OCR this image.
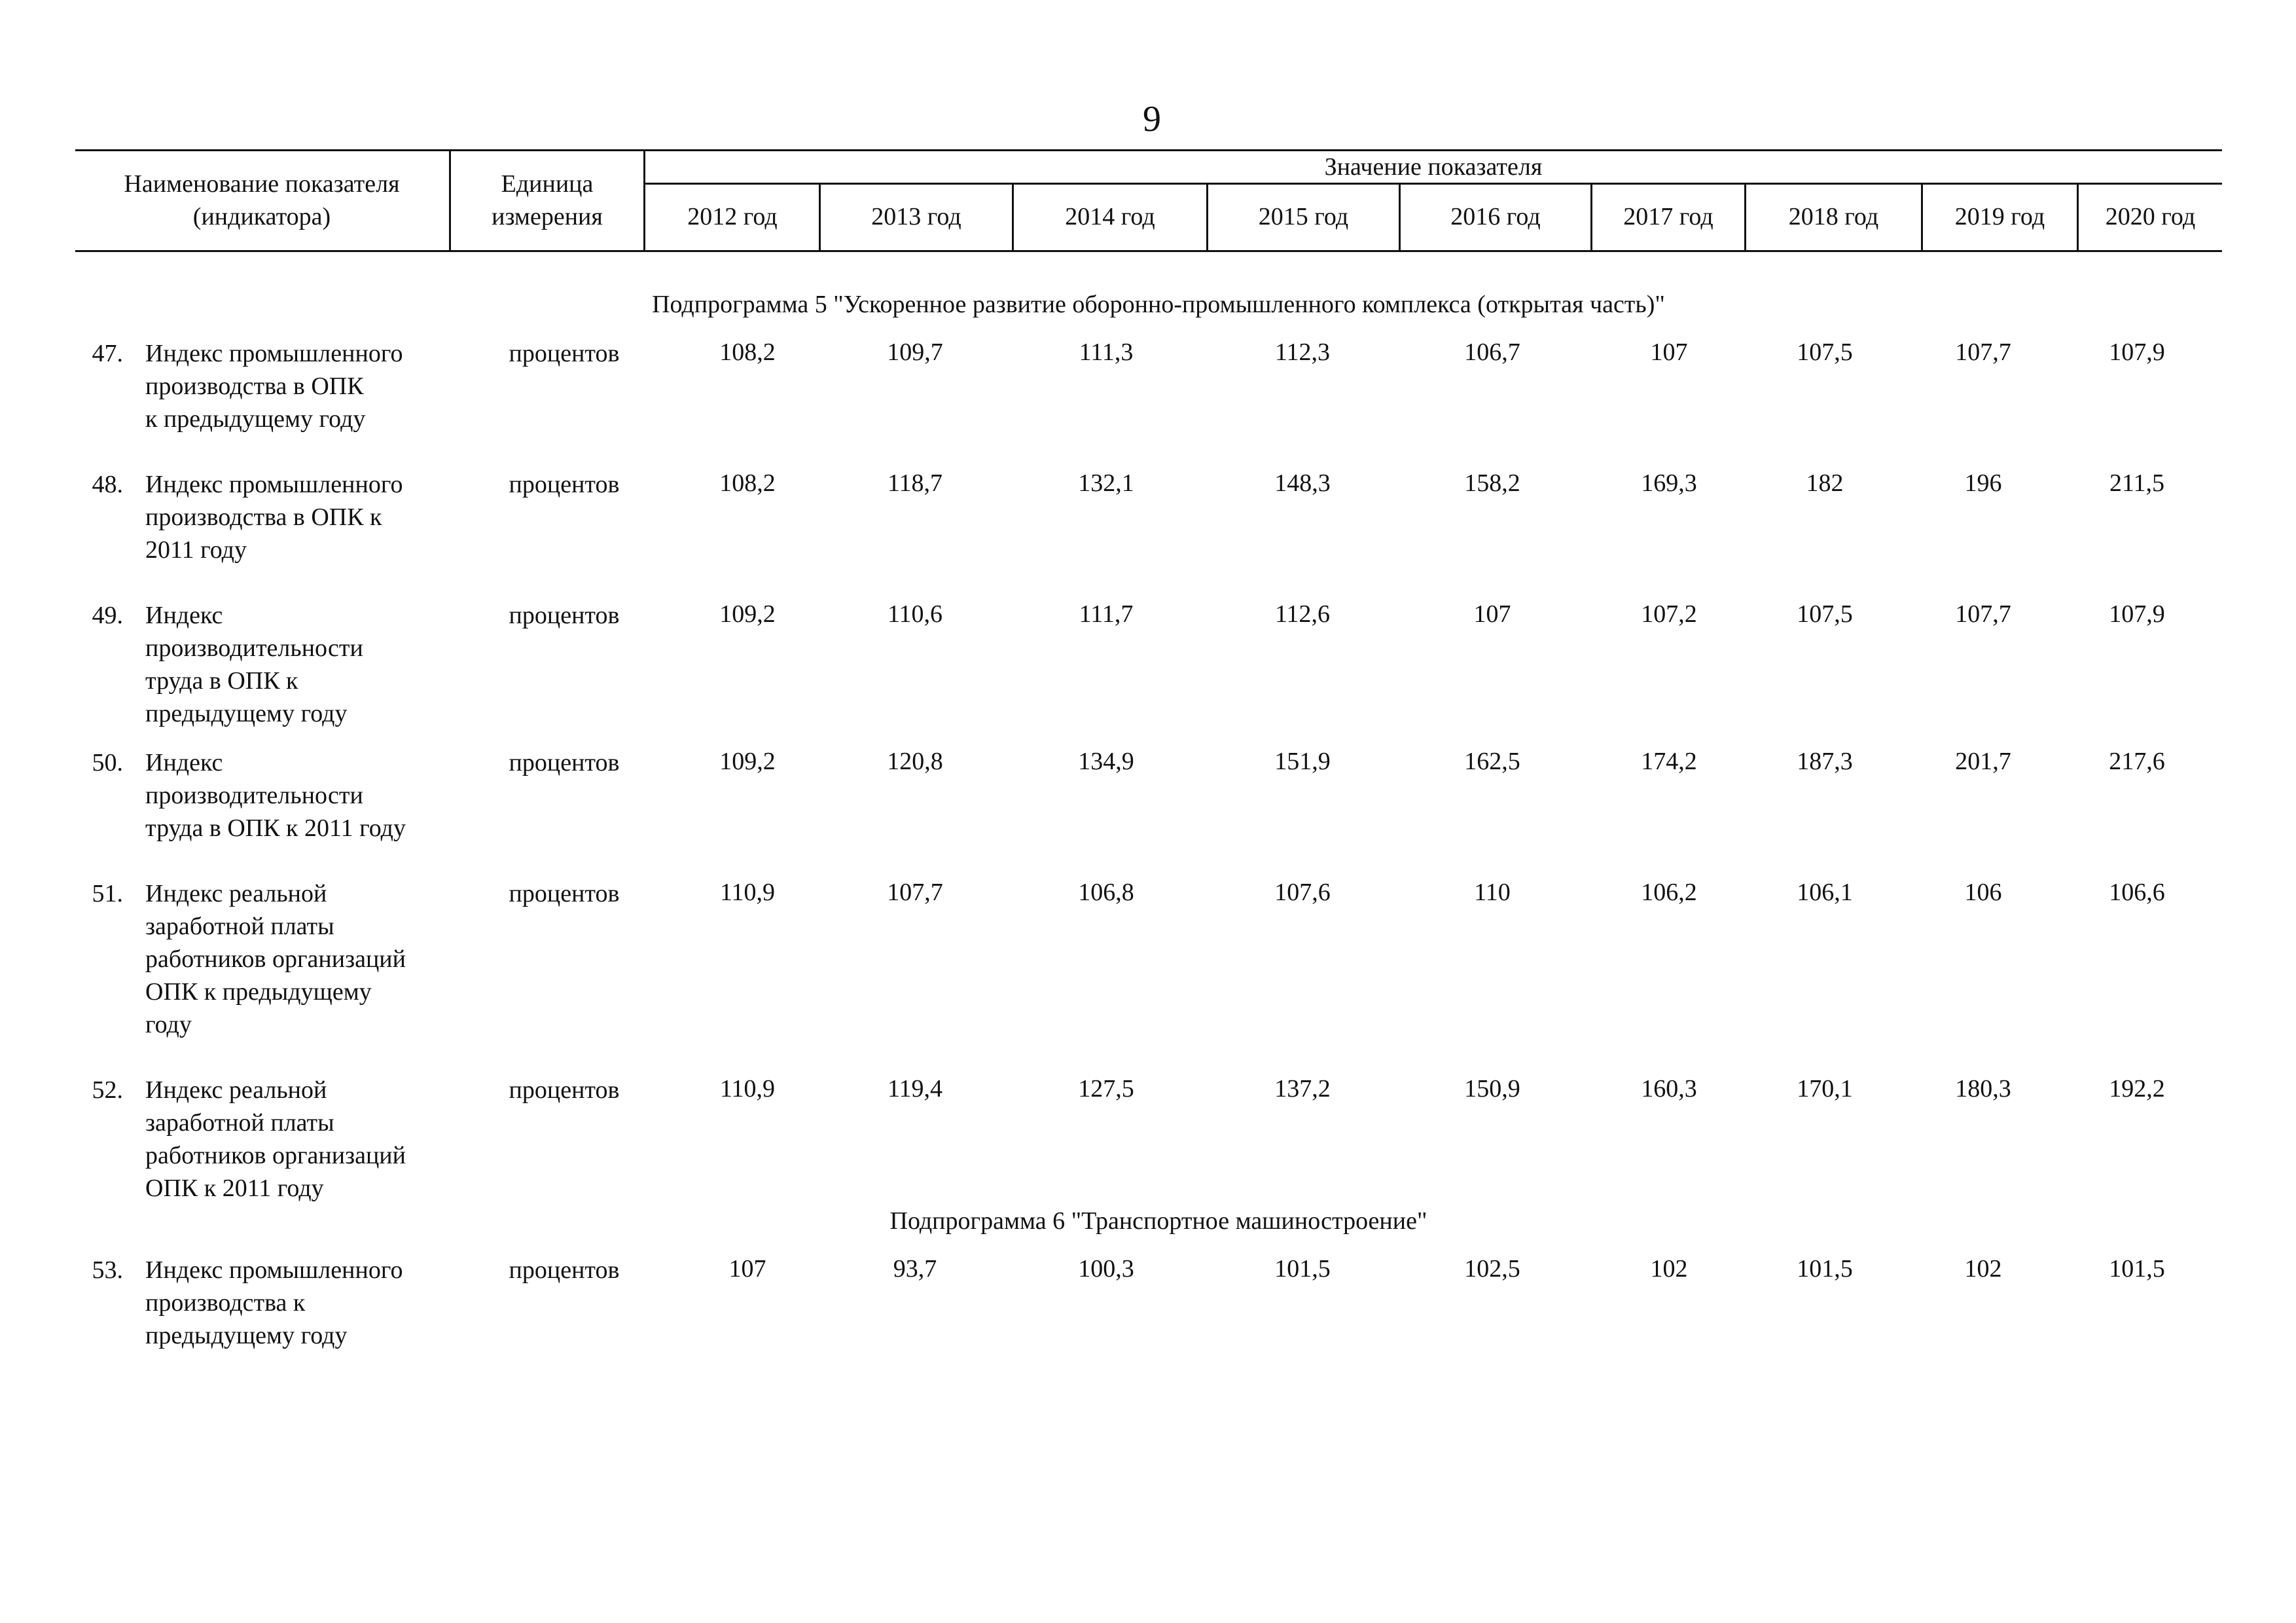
9
Наименование показателя
(индикатора)
Единица
измерения
Значение показателя
2012 год	2013 год	2014 год	2015 год	2016 год	2017 год	2018 год	2019 год	2020 год
Подпрограмма 5 "Ускоренное развитие оборонно-промышленного комплекса (открытая часть)"
47. Индекс промышленного
производства в ОПК
к предыдущему году
процентов	108,2	109,7	111,3	112,3	106,7	107	107,5	107,7	107,9
48. Индекс промышленного
производства в ОПК к
2011 году
процентов	108,2	118,7	132,1	148,3	158,2	169,3	182	196	211,5
49. Индекс
производительности
труда в ОПК к
предыдущему году
процентов	109,2	110,6	111,7	112,6	107	107,2	107,5	107,7	107,9
50. Индекс
производительности
труда в ОПК к 2011 году
процентов	109,2	120,8	134,9	151,9	162,5	174,2	187,3	201,7	217,6
51. Индекс реальной
заработной платы
работников организаций
ОПК к предыдущему
году
процентов	110,9	107,7	106,8	107,6	110	106,2	106,1	106	106,6
52. Индекс реальной
заработной платы
работников организаций
ОПК к 2011 году
процентов	110,9	119,4	127,5	137,2	150,9	160,3	170,1	180,3	192,2
Подпрограмма 6 "Транспортное машиностроение"
53. Индекс промышленного
производства к
предыдущему году
процентов	107	93,7	100,3	101,5	102,5	102	101,5	102	101,5
